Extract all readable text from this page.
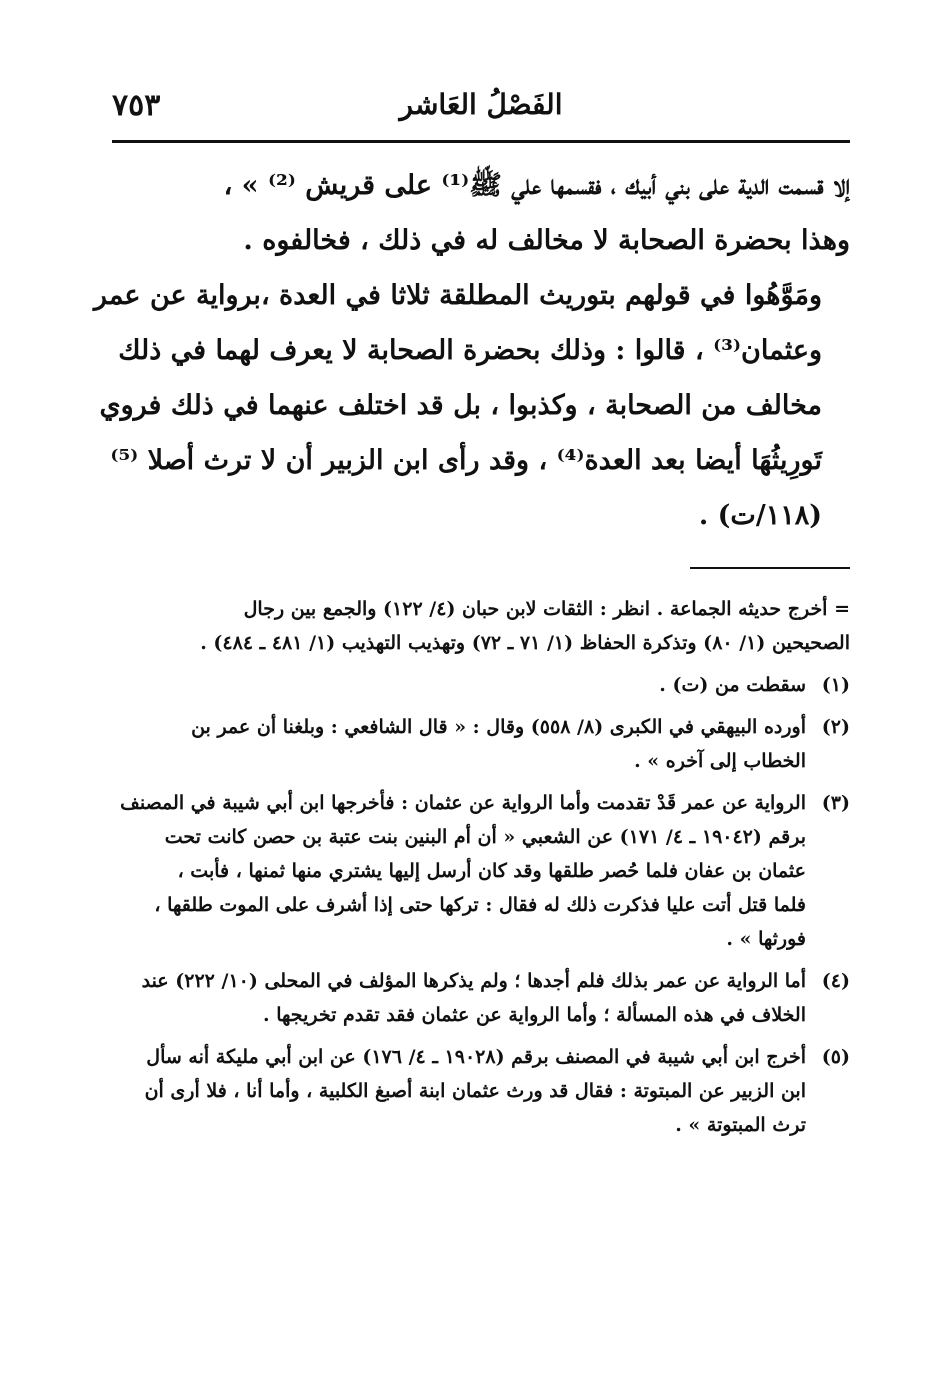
الفَصْلُ العَاشر
٧٥٣

إلا قسمت الدية على بني أبيك ، فقسمها علي ﷺ⁽¹⁾ على قريش ⁽²⁾ » ،
وهذا بحضرة الصحابة لا مخالف له في ذلك ، فخالفوه .

ومَوَّهُوا في قولهم بتوريث المطلقة ثلاثا في العدة ،برواية عن عمر
وعثمان⁽³⁾ ، قالوا : وذلك بحضرة الصحابة لا يعرف لهما في ذلك
مخالف من الصحابة ، وكذبوا ، بل قد اختلف عنهما في ذلك فروي
تَورِيثُهَا أيضا بعد العدة⁽⁴⁾ ، وقد رأى ابن الزبير أن لا ترث أصلا ⁽⁵⁾
(١١٨/ت) .

= أخرج حديثه الجماعة . انظر : الثقات لابن حبان (٤/ ١٢٢) والجمع بين رجال
الصحيحين (١/ ٨٠) وتذكرة الحفاظ (١/ ٧١ ـ ٧٢) وتهذيب التهذيب (١/ ٤٨١ ـ ٤٨٤) .
(١)سقطت من (ت) .
(٢)أورده البيهقي في الكبرى (٨/ ٥٥٨) وقال : « قال الشافعي : وبلغنا أن عمر بن
الخطاب إلى آخره » .
(٣)الرواية عن عمر قَدْ تقدمت وأما الرواية عن عثمان : فأخرجها ابن أبي شيبة في المصنف
برقم (١٩٠٤٢ ـ ٤/ ١٧١) عن الشعبي « أن أم البنين بنت عتبة بن حصن كانت تحت
عثمان بن عفان فلما حُصر طلقها وقد كان أرسل إليها يشتري منها ثمنها ، فأبت ،
فلما قتل أتت عليا فذكرت ذلك له فقال : تركها حتى إذا أشرف على الموت طلقها ،
فورثها » .
(٤)أما الرواية عن عمر بذلك فلم أجدها ؛ ولم يذكرها المؤلف في المحلى (١٠/ ٢٢٢) عند
الخلاف في هذه المسألة ؛ وأما الرواية عن عثمان فقد تقدم تخريجها .
(٥)أخرج ابن أبي شيبة في المصنف برقم (١٩٠٢٨ ـ ٤/ ١٧٦) عن ابن أبي مليكة أنه سأل
ابن الزبير عن المبتوتة : فقال قد ورث عثمان ابنة أصبغ الكلبية ، وأما أنا ، فلا أرى أن
ترث المبتوتة » .
